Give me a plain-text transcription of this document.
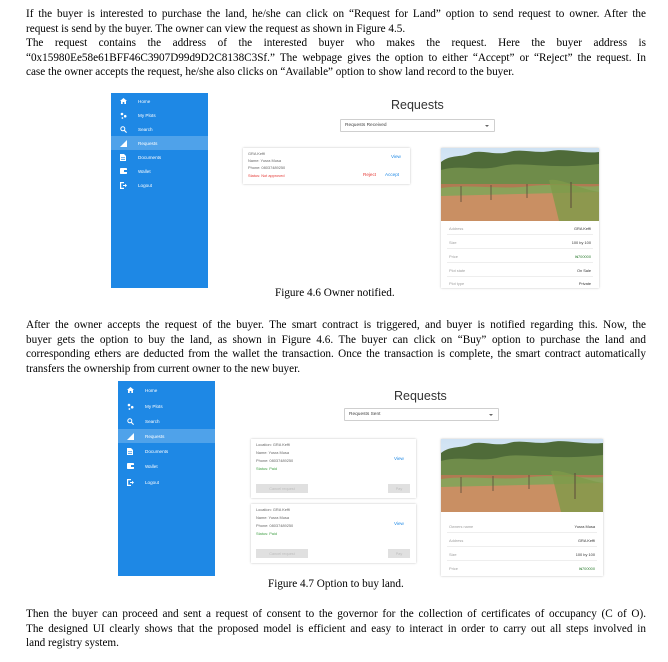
If the buyer is interested to purchase the land, he/she can click on “Request for Land” option to send request to owner. After the
request is send by the buyer. The owner can view the request as shown in Figure 4.5.
The request contains the address of the interested buyer who makes the request. Here the buyer address is
“0x15980Ee58e61BFF46C3907D99d9D2C8138C3Sf.” The webpage gives the option to either “Accept” or “Reject” the request. In
case the owner accepts the request, he/she also clicks on “Available” option to show land record to the buyer.
Home
My Plots
Search
Requests
Documents
Wallet
Logout
Requests
Requests Received
GRA Keffi
Name: Yusra Musa
Phone: 08037489250
Status: Not approved
View
Reject Accept
Address	GRA Keffi
Size	100 by 100
Price	₦700000
Plot state	On Sale
Plot type	Private
Figure 4.6 Owner notified.
After the owner accepts the request of the buyer. The smart contract is triggered, and buyer is notified regarding this. Now, the
buyer gets the option to buy the land, as shown in Figure 4.6. The buyer can click on “Buy” option to purchase the land and
corresponding ethers are deducted from the wallet the transaction. Once the transaction is complete, the smart contract automatically
transfers the ownership from current owner to the new buyer.
Home
My Plots
Search
Requests
Documents
Wallet
Logout
Requests
Requests Sent
Location: GRA Keffi
Name: Yusra Musa
Phone: 08037489250
Status: Paid
View
Cancel request	Pay
Location: GRA Keffi
Name: Yusra Musa
Phone: 08037489250
Status: Paid
View
Cancel request	Pay
Owners name	Yusra Musa
Address	GRA Keffi
Size	100 by 100
Price	₦700000
Figure 4.7 Option to buy land.
Then the buyer can proceed and sent a request of consent to the governor for the collection of certificates of occupancy (C of O).
The designed UI clearly shows that the proposed model is efficient and easy to interact in order to carry out all steps involved in
land registry system.
